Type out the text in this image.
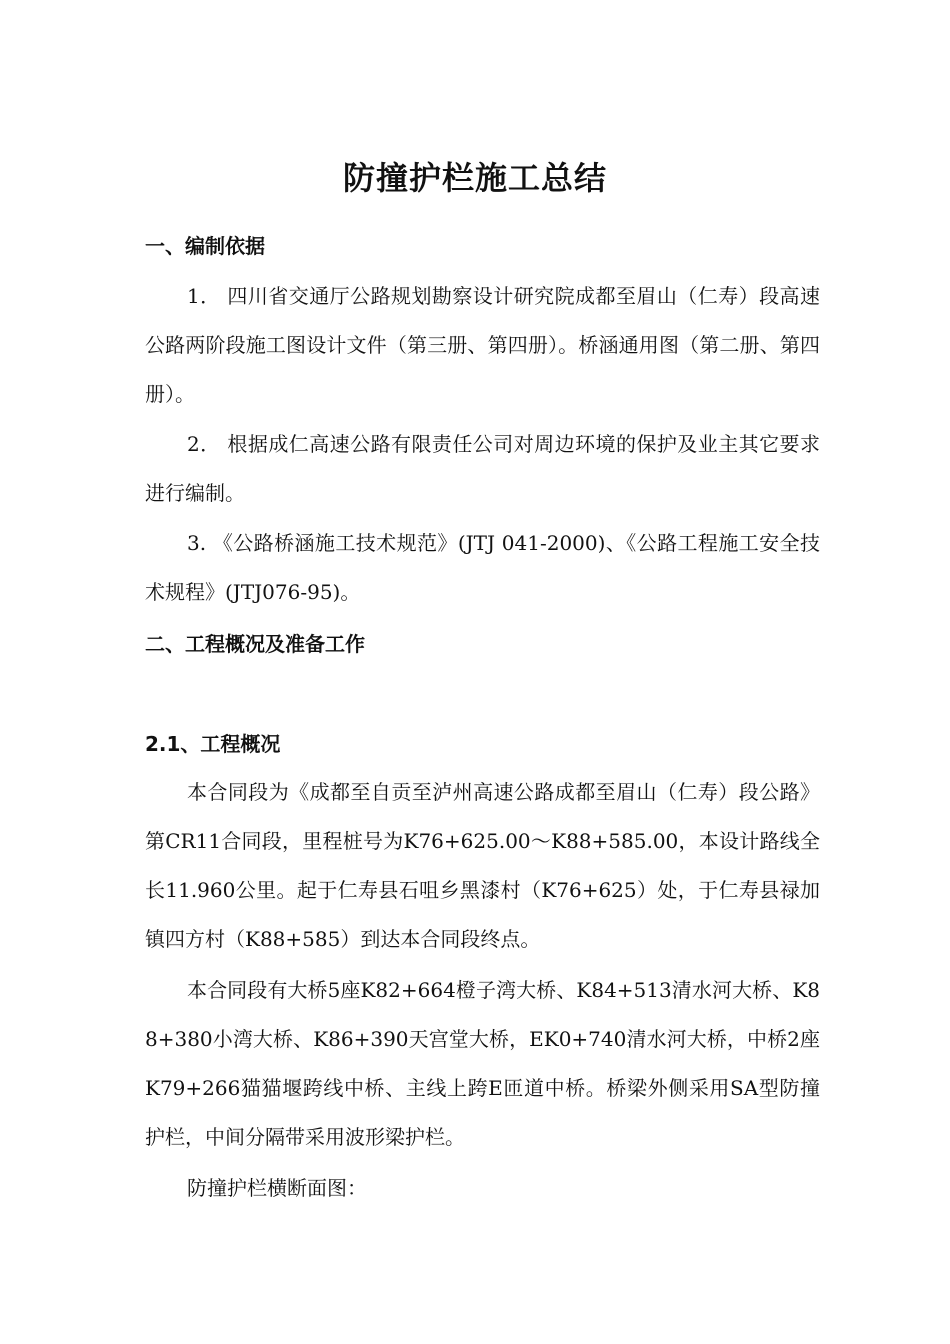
防撞护栏施工总结
一、编制依据
1． 四川省交通厅公路规划勘察设计研究院成都至眉山（仁寿）段高速公路两阶段施工图设计文件（第三册、第四册）。桥涵通用图（第二册、第四册）。
2． 根据成仁高速公路有限责任公司对周边环境的保护及业主其它要求进行编制。
3. 《公路桥涵施工技术规范》(JTJ 041-2000)、《公路工程施工安全技术规程》(JTJ076-95)。
二、工程概况及准备工作
2.1、工程概况
本合同段为《成都至自贡至泸州高速公路成都至眉山（仁寿）段公路》第CR11合同段，里程桩号为K76+625.00～K88+585.00，本设计路线全长11.960公里。起于仁寿县石咀乡黑漆村（K76+625）处，于仁寿县禄加镇四方村（K88+585）到达本合同段终点。
本合同段有大桥5座K82+664橙子湾大桥、K84+513清水河大桥、K88+380小湾大桥、K86+390天宫堂大桥，EK0+740清水河大桥，中桥2座K79+266猫猫堰跨线中桥、主线上跨E匝道中桥。桥梁外侧采用SA型防撞护栏，中间分隔带采用波形梁护栏。
防撞护栏横断面图：
